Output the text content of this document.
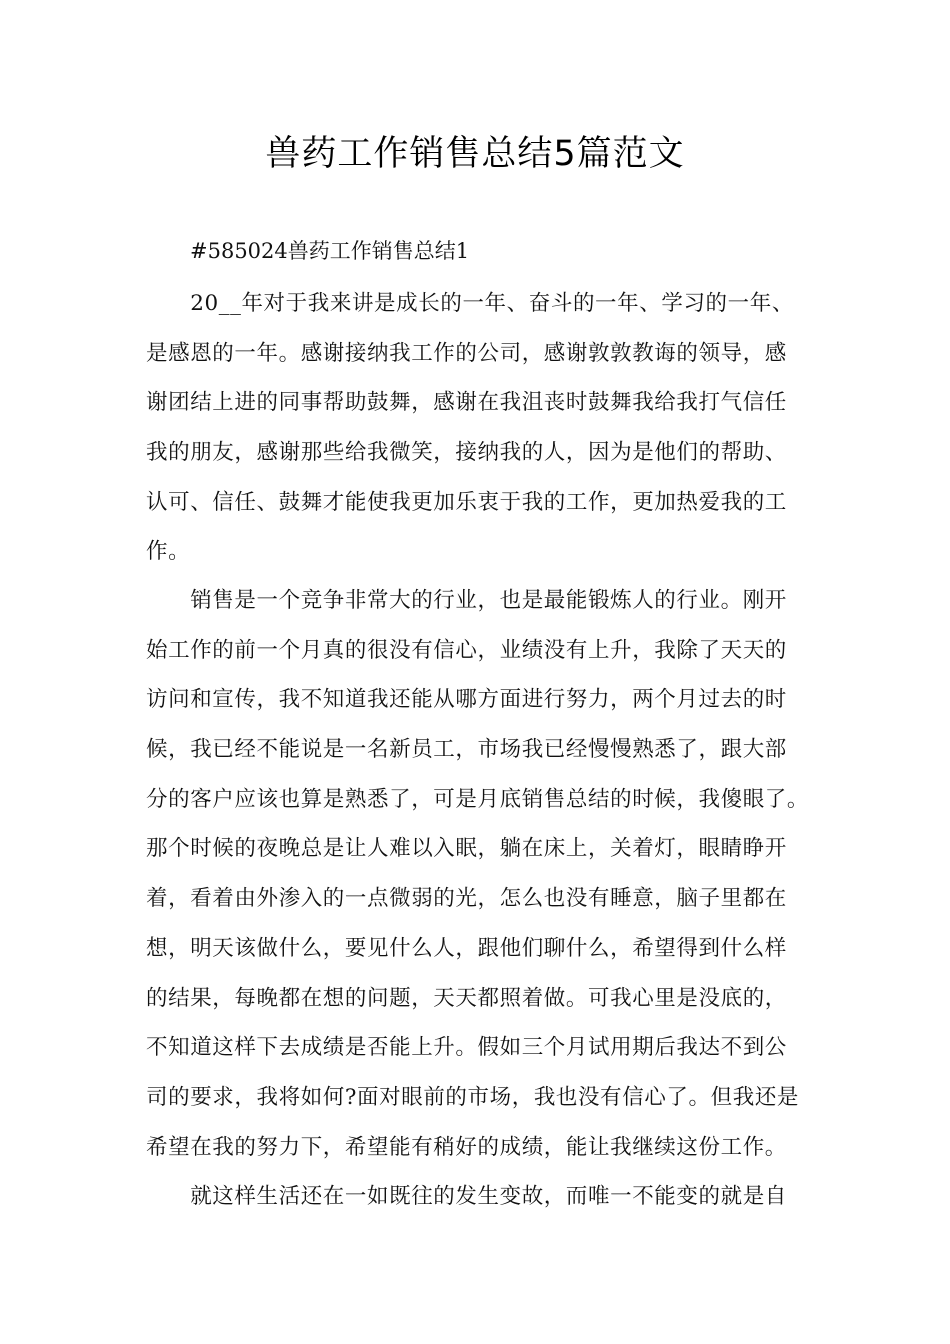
兽药工作销售总结5篇范文

#585024兽药工作销售总结1

　　20__年对于我来讲是成长的一年、奋斗的一年、学习的一年、
是感恩的一年。感谢接纳我工作的公司，感谢敦敦教诲的领导，感
谢团结上进的同事帮助鼓舞，感谢在我沮丧时鼓舞我给我打气信任
我的朋友，感谢那些给我微笑，接纳我的人，因为是他们的帮助、
认可、信任、鼓舞才能使我更加乐衷于我的工作，更加热爱我的工
作。

　　销售是一个竞争非常大的行业，也是最能锻炼人的行业。刚开
始工作的前一个月真的很没有信心，业绩没有上升，我除了天天的
访问和宣传，我不知道我还能从哪方面进行努力，两个月过去的时
候，我已经不能说是一名新员工，市场我已经慢慢熟悉了，跟大部
分的客户应该也算是熟悉了，可是月底销售总结的时候，我傻眼了。
那个时候的夜晚总是让人难以入眠，躺在床上，关着灯，眼睛睁开
着，看着由外渗入的一点微弱的光，怎么也没有睡意，脑子里都在
想，明天该做什么，要见什么人，跟他们聊什么，希望得到什么样
的结果，每晚都在想的问题，天天都照着做。可我心里是没底的，
不知道这样下去成绩是否能上升。假如三个月试用期后我达不到公
司的要求，我将如何?面对眼前的市场，我也没有信心了。但我还是
希望在我的努力下，希望能有稍好的成绩，能让我继续这份工作。

　　就这样生活还在一如既往的发生变故，而唯一不能变的就是自
